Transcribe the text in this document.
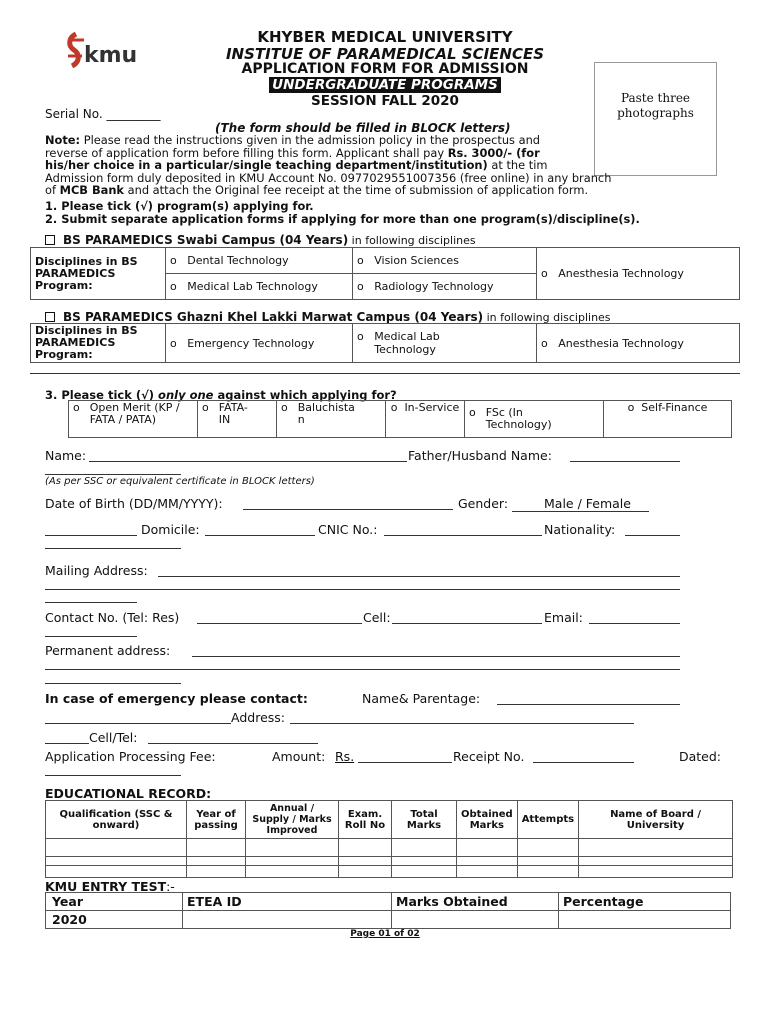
kmu
KHYBER MEDICAL UNIVERSITY
INSTITUE OF PARAMEDICAL SCIENCES
APPLICATION FORM FOR ADMISSION
UNDERGRADUATE PROGRAMS
SESSION FALL 2020	Paste three
photographs
Serial No. _________
(The form should be filled in BLOCK letters)
Note: Please read the instructions given in the admission policy in the prospectus and
reverse of application form before filling this form. Applicant shall pay Rs. 3000/- (for
his/her choice in a particular/single teaching department/institution) at the tim
Admission form duly deposited in KMU Account No. 0977029551007356 (free online) in any branch
of MCB Bank and attach the Original fee receipt at the time of submission of application form.
1. Please tick (√) program(s) applying for.
2. Submit separate application forms if applying for more than one program(s)/discipline(s).
BS PARAMEDICS Swabi Campus (04 Years) in following disciplines
Disciplines in BS PARAMEDICS Program:	o   Dental Technology	o   Vision Sciences	o   Anesthesia Technology
	o   Medical Lab Technology	o   Radiology Technology	
BS PARAMEDICS Ghazni Khel Lakki Marwat Campus (04 Years) in following disciplines
Disciplines in BS PARAMEDICS Program:	o   Emergency Technology	o Medical Lab Technology	o   Anesthesia Technology
3. Please tick (√) only one against which applying for?
o Open Merit (KP / FATA / PATA)

o FATA-IN

o Baluchistan

o  In-Service	o FSc (In Technology)

o  Self-Finance
Name:	Father/Husband Name:
(As per SSC or equivalent certificate in BLOCK letters)
Date of Birth (DD/MM/YYYY):	Gender:	Male / Female
Domicile:	CNIC No.:	Nationality:
Mailing Address:
Contact No. (Tel: Res)	Cell:	Email:
Permanent address:
In case of emergency please contact:	Name& Parentage:
Address:
Cell/Tel:
Application Processing Fee:	Amount: Rs.	Receipt No.	Dated:
EDUCATIONAL RECORD:
Qualification (SSC & onward)	Year of passing	Annual / Supply / Marks Improved	Exam. Roll No	Total Marks	Obtained Marks	Attempts	Name of Board / University

KMU ENTRY TEST:-
Year	ETEA ID	Marks Obtained	Percentage
2020			
Page 01 of 02
